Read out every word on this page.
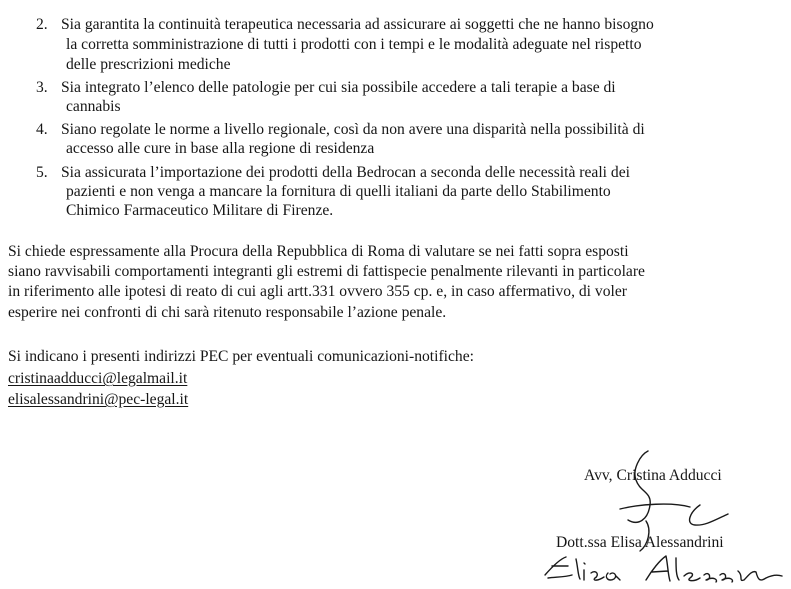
2. Sia garantita la continuità terapeutica necessaria ad assicurare ai soggetti che ne hanno bisogno
la corretta somministrazione di tutti i prodotti con i tempi e le modalità adeguate nel rispetto
delle prescrizioni mediche
3. Sia integrato l’elenco delle patologie per cui sia possibile accedere a tali terapie a base di
cannabis
4. Siano regolate le norme a livello regionale, così da non avere una disparità nella possibilità di
accesso alle cure in base alla regione di residenza
5. Sia assicurata l’importazione dei prodotti della Bedrocan a seconda delle necessità reali dei
pazienti e non venga a mancare la fornitura di quelli italiani da parte dello Stabilimento
Chimico Farmaceutico Militare di Firenze.
Si chiede espressamente alla Procura della Repubblica di Roma di valutare se nei fatti sopra esposti
siano ravvisabili comportamenti integranti gli estremi di fattispecie penalmente rilevanti in particolare
in riferimento alle ipotesi di reato di cui agli artt.331 ovvero 355 cp. e, in caso affermativo, di voler
esperire nei confronti di chi sarà ritenuto responsabile l’azione penale.
Si indicano i presenti indirizzi PEC per eventuali comunicazioni-notifiche:
cristinaadducci@legalmail.it
elisalessandrini@pec-legal.it
Avv, Cristina Adducci
Dott.ssa Elisa Alessandrini
